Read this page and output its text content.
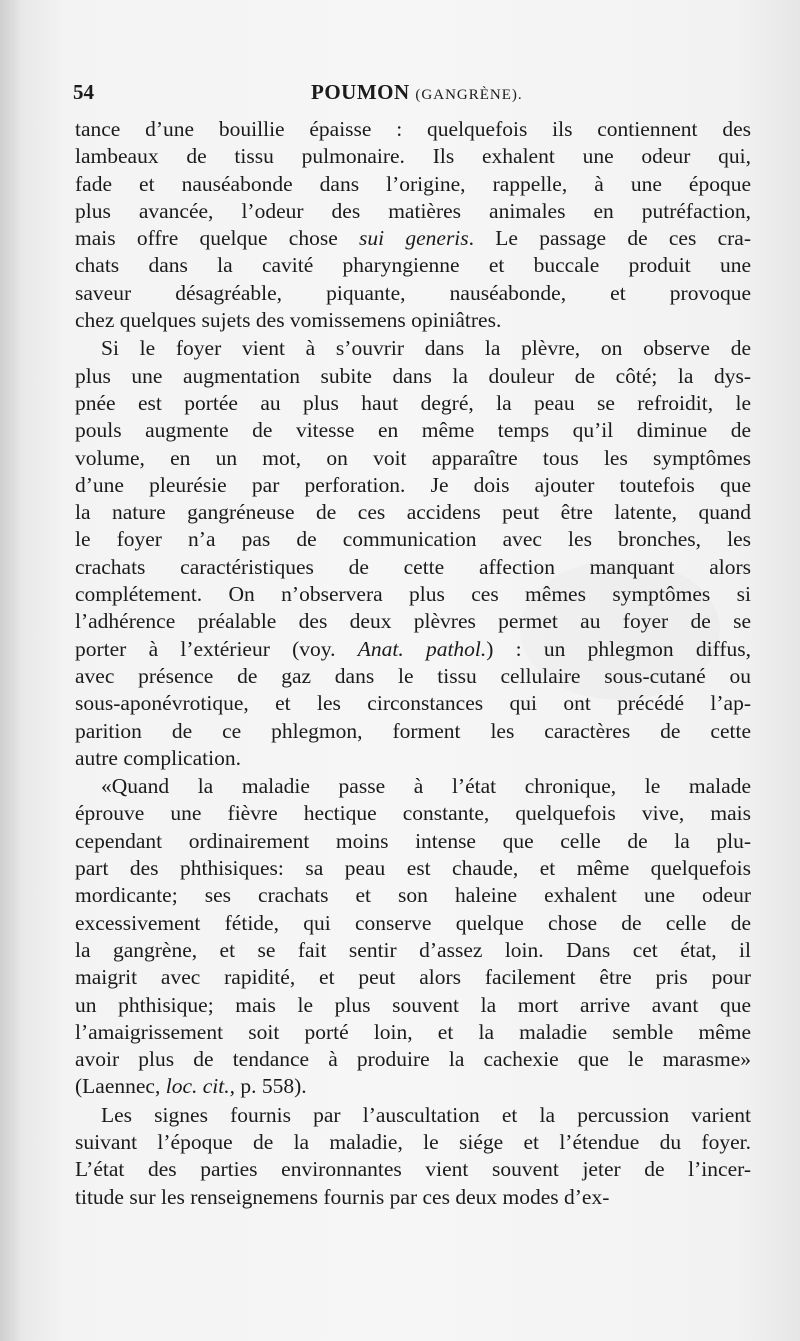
54	POUMON (GANGRÈNE).
tance d’une bouillie épaisse : quelquefois ils contiennent des
lambeaux de tissu pulmonaire. Ils exhalent une odeur qui,
fade et nauséabonde dans l’origine, rappelle, à une époque
plus avancée, l’odeur des matières animales en putréfaction,
mais offre quelque chose sui generis. Le passage de ces cra-
chats dans la cavité pharyngienne et buccale produit une
saveur désagréable, piquante, nauséabonde, et provoque
chez quelques sujets des vomissemens opiniâtres.
Si le foyer vient à s’ouvrir dans la plèvre, on observe de
plus une augmentation subite dans la douleur de côté; la dys-
pnée est portée au plus haut degré, la peau se refroidit, le
pouls augmente de vitesse en même temps qu’il diminue de
volume, en un mot, on voit apparaître tous les symptômes
d’une pleurésie par perforation. Je dois ajouter toutefois que
la nature gangréneuse de ces accidens peut être latente, quand
le foyer n’a pas de communication avec les bronches, les
crachats caractéristiques de cette affection manquant alors
complétement. On n’observera plus ces mêmes symptômes si
l’adhérence préalable des deux plèvres permet au foyer de se
porter à l’extérieur (voy. Anat. pathol.) : un phlegmon diffus,
avec présence de gaz dans le tissu cellulaire sous-cutané ou
sous-aponévrotique, et les circonstances qui ont précédé l’ap-
parition de ce phlegmon, forment les caractères de cette
autre complication.
«Quand la maladie passe à l’état chronique, le malade
éprouve une fièvre hectique constante, quelquefois vive, mais
cependant ordinairement moins intense que celle de la plu-
part des phthisiques: sa peau est chaude, et même quelquefois
mordicante; ses crachats et son haleine exhalent une odeur
excessivement fétide, qui conserve quelque chose de celle de
la gangrène, et se fait sentir d’assez loin. Dans cet état, il
maigrit avec rapidité, et peut alors facilement être pris pour
un phthisique; mais le plus souvent la mort arrive avant que
l’amaigrissement soit porté loin, et la maladie semble même
avoir plus de tendance à produire la cachexie que le marasme»
(Laennec, loc. cit., p. 558).
Les signes fournis par l’auscultation et la percussion varient
suivant l’époque de la maladie, le siége et l’étendue du foyer.
L’état des parties environnantes vient souvent jeter de l’incer-
titude sur les renseignemens fournis par ces deux modes d’ex-
